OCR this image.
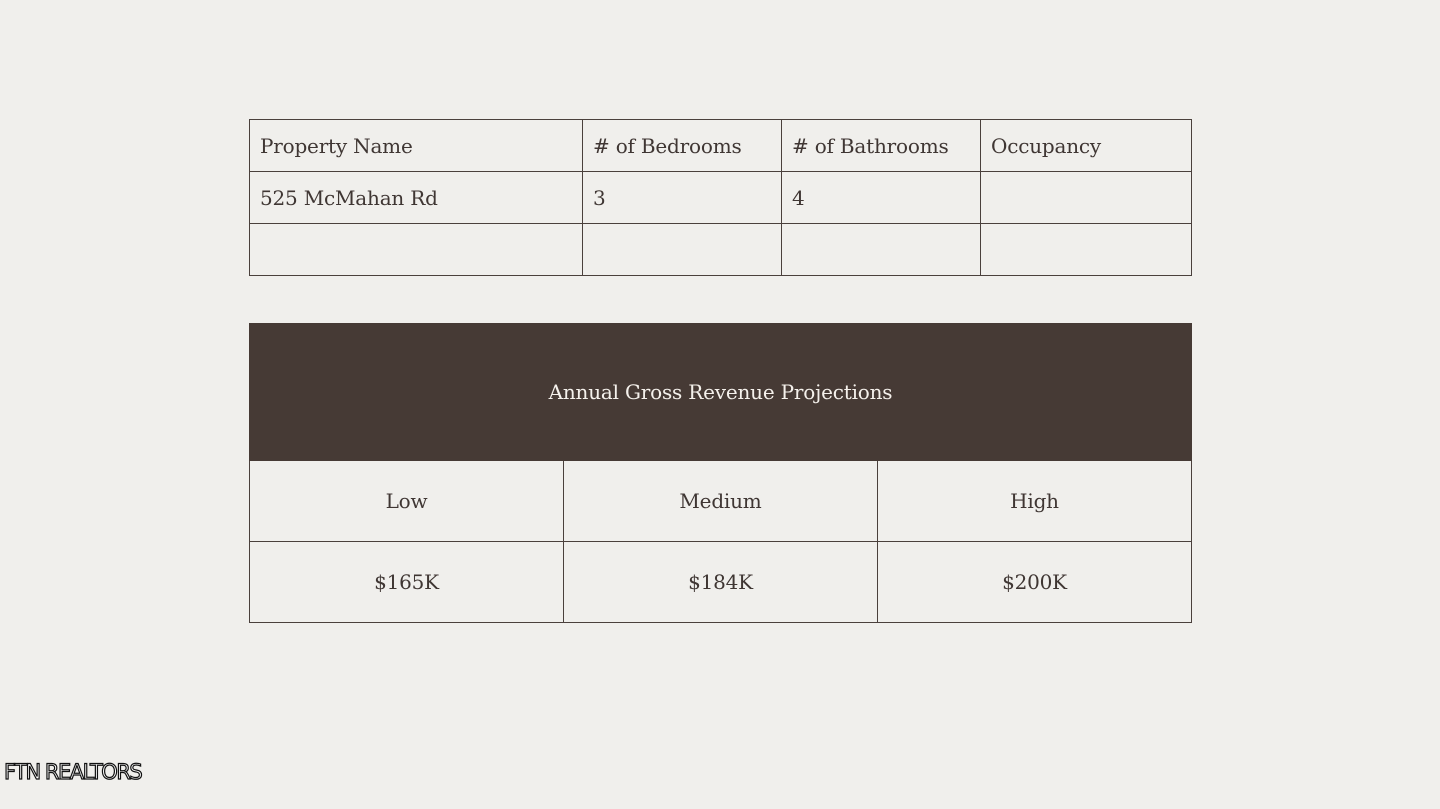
Property Name	# of Bedrooms	# of Bathrooms	Occupancy
525 McMahan Rd	3	4	

Annual Gross Revenue Projections		
Low	Medium	High
$165K	$184K	$200K
FTN REALTORS
